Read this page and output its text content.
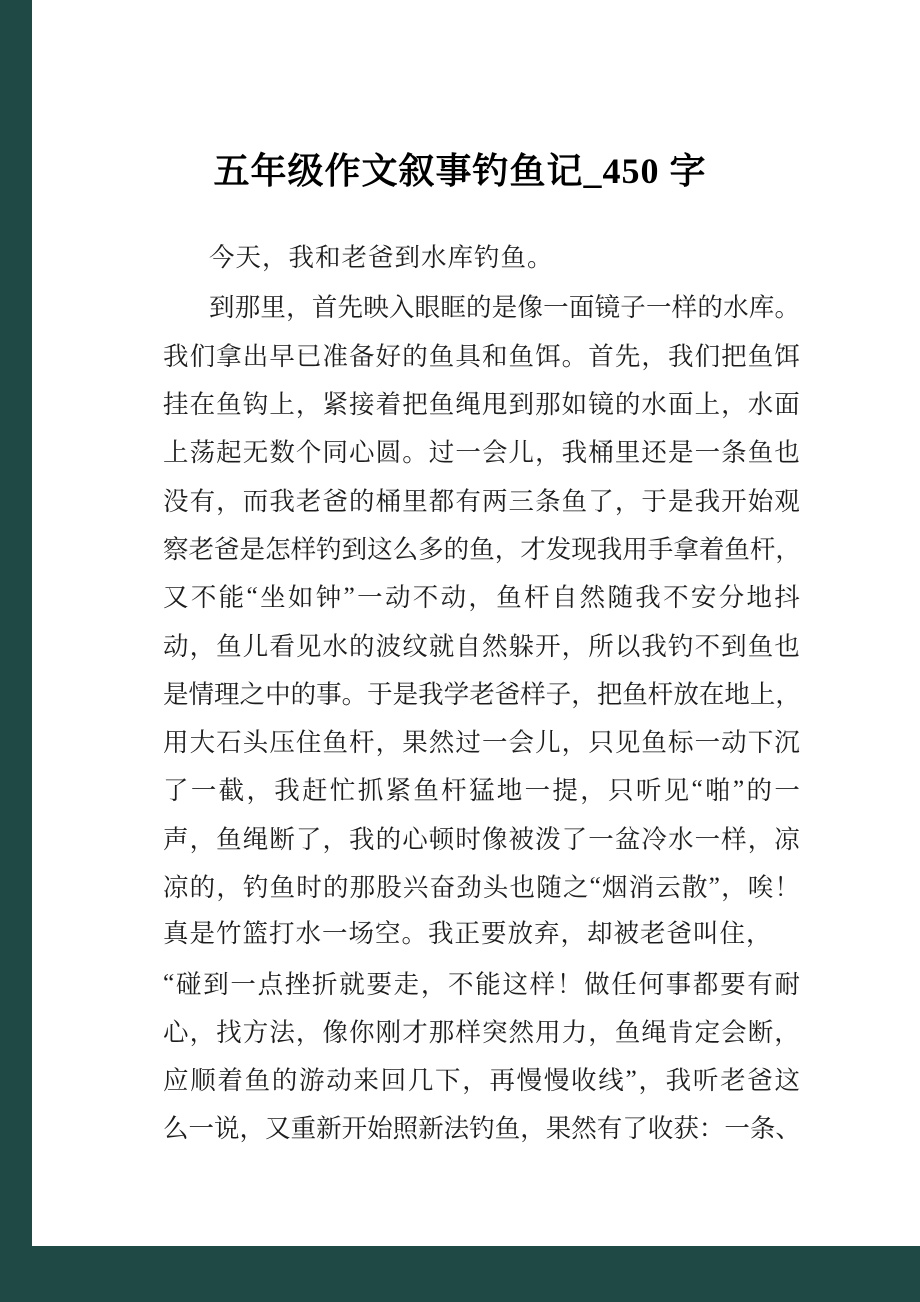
五年级作文叙事钓鱼记_450 字
今天，我和老爸到水库钓鱼。
到 那 里 ， 首 先 映 入 眼 眶 的 是 像 一 面 镜 子 一 样 的 水 库 。
我 们 拿 出 早 已 准 备 好 的 鱼 具 和 鱼 饵 。 首 先 ， 我 们 把 鱼 饵
挂 在 鱼 钩 上 ， 紧 接 着 把 鱼 绳 甩 到 那 如 镜 的 水 面 上 ， 水 面
上 荡 起 无 数 个 同 心 圆 。 过 一 会 儿 ， 我 桶 里 还 是 一 条 鱼 也
没 有 ， 而 我 老 爸 的 桶 里 都 有 两 三 条 鱼 了 ， 于 是 我 开 始 观
察 老 爸 是 怎 样 钓 到 这 么 多 的 鱼 ， 才 发 现 我 用 手 拿 着 鱼 杆 ，
又 不 能 “ 坐 如 钟 ” 一 动 不 动 ， 鱼 杆 自 然 随 我 不 安 分 地 抖
动 ， 鱼 儿 看 见 水 的 波 纹 就 自 然 躲 开 ， 所 以 我 钓 不 到 鱼 也
是 情 理 之 中 的 事 。 于 是 我 学 老 爸 样 子 ， 把 鱼 杆 放 在 地 上 ，
用 大 石 头 压 住 鱼 杆 ， 果 然 过 一 会 儿 ， 只 见 鱼 标 一 动 下 沉
了 一 截 ， 我 赶 忙 抓 紧 鱼 杆 猛 地 一 提 ， 只 听 见 “ 啪 ” 的 一
声 ， 鱼 绳 断 了 ， 我 的 心 顿 时 像 被 泼 了 一 盆 冷 水 一 样 ， 凉
凉 的 ， 钓 鱼 时 的 那 股 兴 奋 劲 头 也 随 之 “ 烟 消 云 散 ” ， 唉 ！
真是竹篮打水一场空。我正要放弃，却被老爸叫住，
“ 碰 到 一 点 挫 折 就 要 走 ， 不 能 这 样 ！ 做 任 何 事 都 要 有 耐
心 ， 找 方 法 ， 像 你 刚 才 那 样 突 然 用 力 ， 鱼 绳 肯 定 会 断 ，
应 顺 着 鱼 的 游 动 来 回 几 下 ， 再 慢 慢 收 线 ” ， 我 听 老 爸 这
么 一 说 ， 又 重 新 开 始 照 新 法 钓 鱼 ， 果 然 有 了 收 获 ： 一 条 、
